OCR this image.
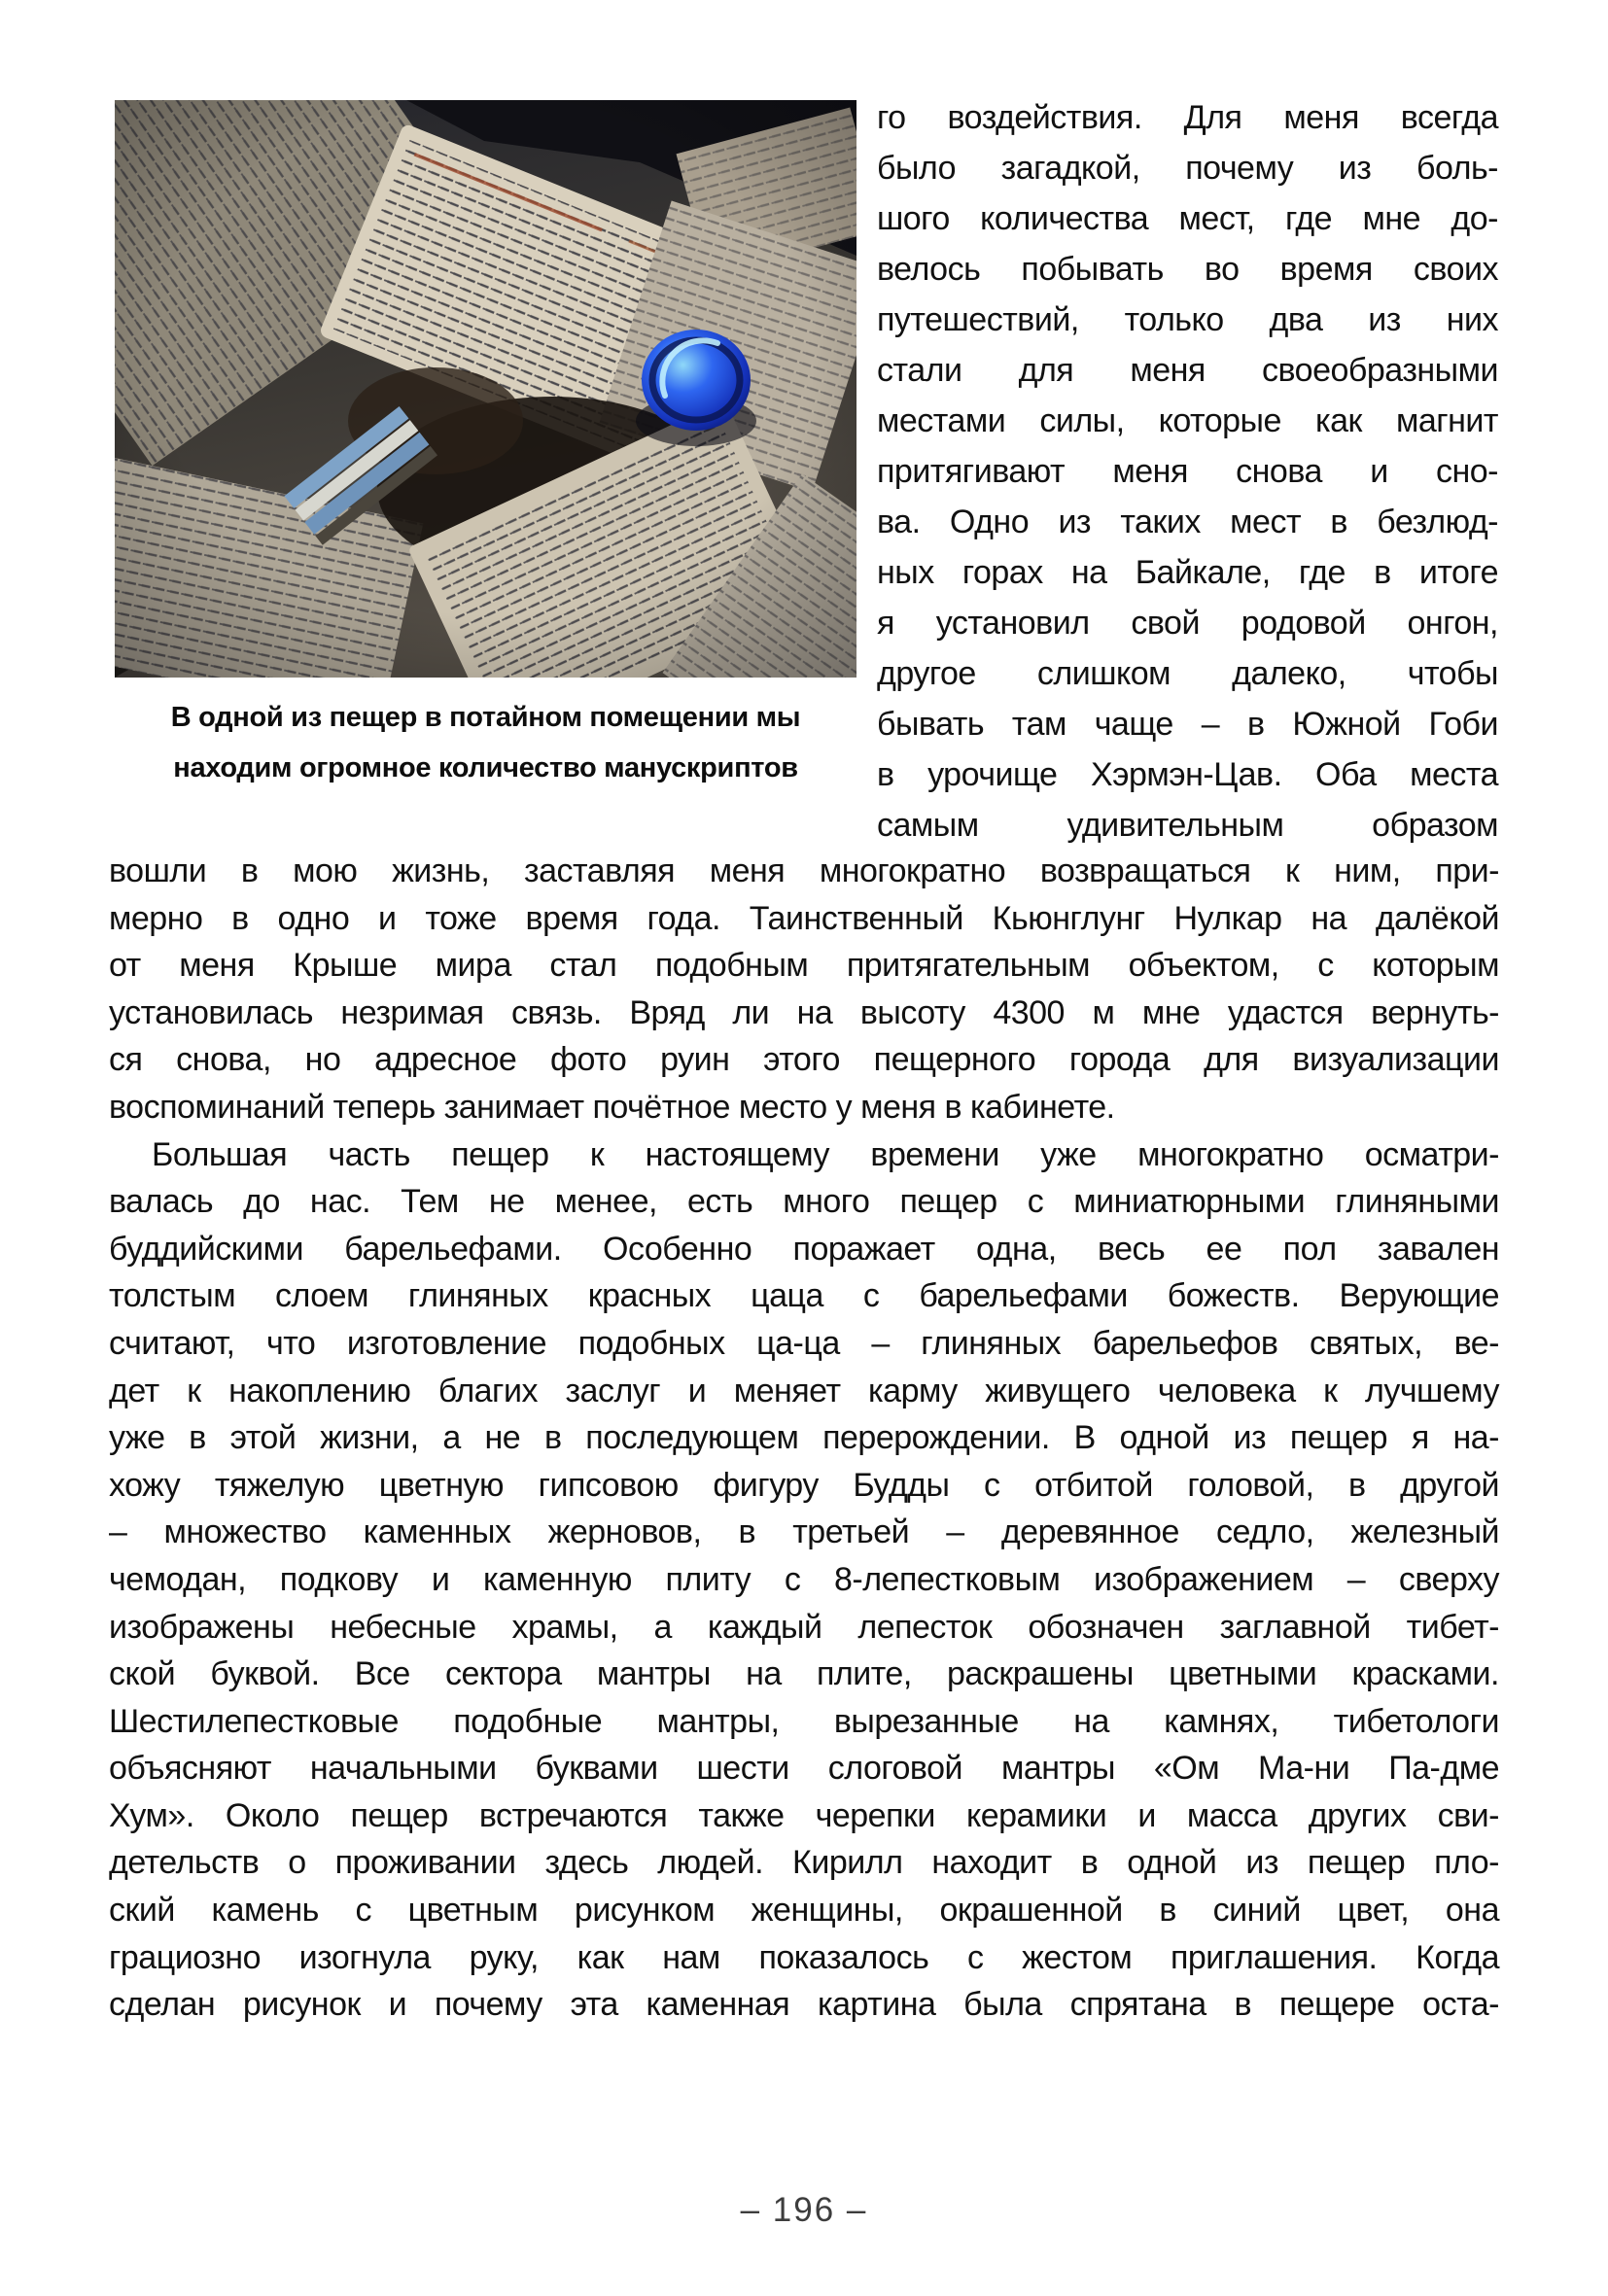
В одной из пещер в потайном помещении мы
находим огромное количество манускриптов
го воздействия. Для меня всегда
было загадкой, почему из боль-
шого количества мест, где мне до-
велось побывать во время своих
путешествий, только два из них
стали для меня своеобразными
местами силы, которые как магнит
притягивают меня снова и сно-
ва. Одно из таких мест в безлюд-
ных горах на Байкале, где в итоге
я установил свой родовой онгон,
другое слишком далеко, чтобы
бывать там чаще – в Южной Гоби
в урочище Хэрмэн-Цав. Оба места
самым удивительным образом
вошли в мою жизнь, заставляя меня многократно возвращаться к ним, при-
мерно в одно и тоже время года. Таинственный Кьюнглунг Нулкар на далёкой
от меня Крыше мира стал подобным притягательным объектом, с которым
установилась незримая связь. Вряд ли на высоту 4300 м мне удастся вернуть-
ся снова, но адресное фото руин этого пещерного города для визуализации
воспоминаний теперь занимает почётное место у меня в кабинете.
Большая часть пещер к настоящему времени уже многократно осматри-
валась до нас. Тем не менее, есть много пещер с миниатюрными глиняными
буддийскими барельефами. Особенно поражает одна, весь ее пол завален
толстым слоем глиняных красных цаца с барельефами божеств. Верующие
считают, что изготовление подобных ца-ца – глиняных барельефов святых, ве-
дет к накоплению благих заслуг и меняет карму живущего человека к лучшему
уже в этой жизни, а не в последующем перерождении. В одной из пещер я на-
хожу тяжелую цветную гипсовою фигуру Будды с отбитой головой, в другой
– множество каменных жерновов, в третьей – деревянное седло, железный
чемодан, подкову и каменную плиту с 8-лепестковым изображением – сверху
изображены небесные храмы, а каждый лепесток обозначен заглавной тибет-
ской буквой. Все сектора мантры на плите, раскрашены цветными красками.
Шестилепестковые подобные мантры, вырезанные на камнях, тибетологи
объясняют начальными буквами шести слоговой мантры «Ом Ма-ни Па-дме
Хум». Около пещер встречаются также черепки керамики и масса других сви-
детельств о проживании здесь людей. Кирилл находит в одной из пещер пло-
ский камень с цветным рисунком женщины, окрашенной в синий цвет, она
грациозно изогнула руку, как нам показалось с жестом приглашения. Когда
сделан рисунок и почему эта каменная картина была спрятана в пещере оста-
– 196 –
